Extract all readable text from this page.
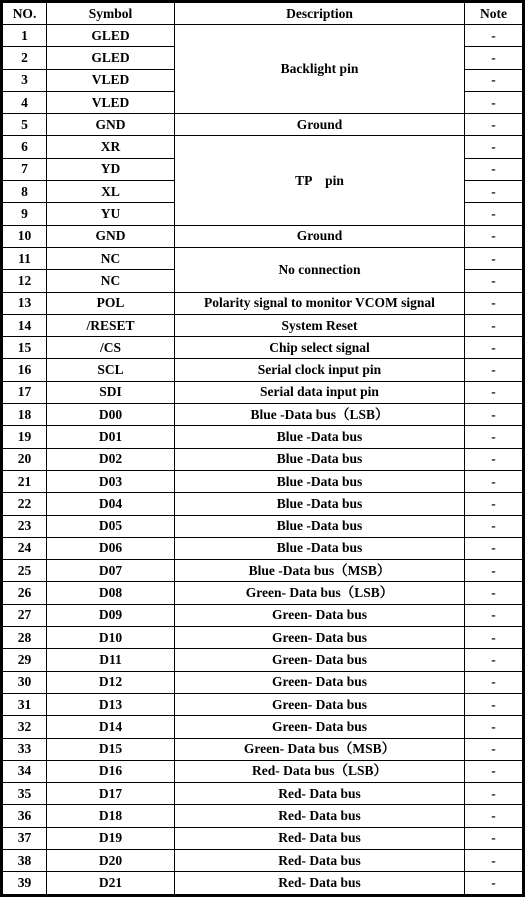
NO.	Symbol	Description	Note
1	GLED	Backlight pin	-
2	GLED		-
3	VLED		-
4	VLED		-
5	GND	Ground	-
6	XR	TP    pin	-
7	YD		-
8	XL		-
9	YU		-
10	GND	Ground	-
11	NC	No connection	-
12	NC		-
13	POL	Polarity signal to monitor VCOM signal	-
14	/RESET	System Reset	-
15	/CS	Chip select signal	-
16	SCL	Serial clock input pin	-
17	SDI	Serial data input pin	-
18	D00	Blue -Data bus（LSB）	-
19	D01	Blue -Data bus	-
20	D02	Blue -Data bus	-
21	D03	Blue -Data bus	-
22	D04	Blue -Data bus	-
23	D05	Blue -Data bus	-
24	D06	Blue -Data bus	-
25	D07	Blue -Data bus（MSB）	-
26	D08	Green- Data bus（LSB）	-
27	D09	Green- Data bus	-
28	D10	Green- Data bus	-
29	D11	Green- Data bus	-
30	D12	Green- Data bus	-
31	D13	Green- Data bus	-
32	D14	Green- Data bus	-
33	D15	Green- Data bus（MSB）	-
34	D16	Red- Data bus（LSB）	-
35	D17	Red- Data bus	-
36	D18	Red- Data bus	-
37	D19	Red- Data bus	-
38	D20	Red- Data bus	-
39	D21	Red- Data bus	-
